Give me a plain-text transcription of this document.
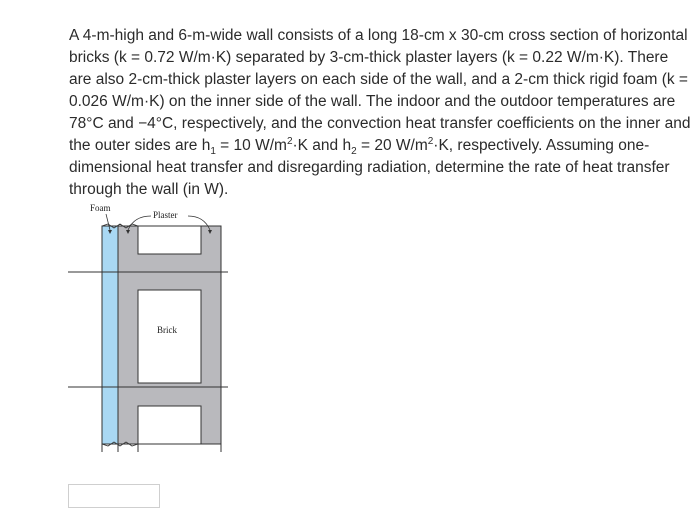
A 4-m-high and 6-m-wide wall consists of a long 18-cm x 30-cm cross section of horizontal bricks (k = 0.72 W/m·K) separated by 3-cm-thick plaster layers (k = 0.22 W/m·K). There are also 2-cm-thick plaster layers on each side of the wall, and a 2-cm thick rigid foam (k = 0.026 W/m·K) on the inner side of the wall. The indoor and the outdoor temperatures are 78°C and −4°C, respectively, and the convection heat transfer coefficients on the inner and the outer sides are $h_1 = 10$ $W/m^2\cdot K$ and $h_2 = 20$ $W/m^2\cdot K$, respectively. Assuming one-dimensional heat transfer and disregarding radiation, determine the rate of heat transfer through the wall (in W).

Foam
Plaster
Brick
